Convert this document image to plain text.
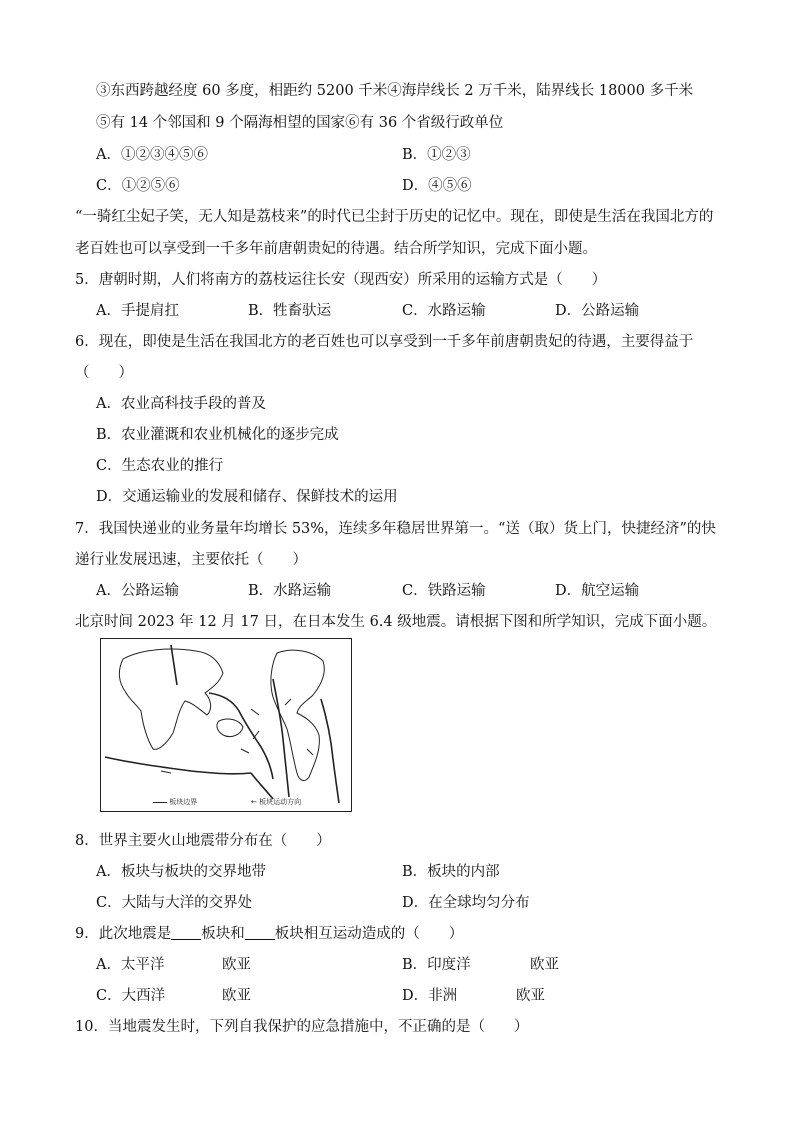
③东西跨越经度 60 多度，相距约 5200 千米④海岸线长 2 万千米，陆界线长 18000 多千米
⑤有 14 个邻国和 9 个隔海相望的国家⑥有 36 个省级行政单位
A．①②③④⑤⑥	B．①②③
C．①②⑤⑥	D．④⑤⑥
“一骑红尘妃子笑，无人知是荔枝来”的时代已尘封于历史的记忆中。现在，即使是生活在我国北方的
老百姓也可以享受到一千多年前唐朝贵妃的待遇。结合所学知识，完成下面小题。
5．唐朝时期，人们将南方的荔枝运往长安（现西安）所采用的运输方式是（　　）
A．手提肩扛	B．牲畜驮运	C．水路运输	D．公路运输
6．现在，即使是生活在我国北方的老百姓也可以享受到一千多年前唐朝贵妃的待遇，主要得益于
（　　）
A．农业高科技手段的普及
B．农业灌溉和农业机械化的逐步完成
C．生态农业的推行
D．交通运输业的发展和储存、保鲜技术的运用
7．我国快递业的业务量年均增长 53%，连续多年稳居世界第一。“送（取）货上门，快捷经济”的快
递行业发展迅速，主要依托（　　）
A．公路运输	B．水路运输	C．铁路运输	D．航空运输
北京时间 2023 年 12 月 17 日，在日本发生 6.4 级地震。请根据下图和所学知识，完成下面小题。
板块边界	← 板块运动方向
8．世界主要火山地震带分布在（　　）
A．板块与板块的交界地带	B．板块的内部
C．大陆与大洋的交界处	D．在全球均匀分布
9．此次地震是 板块和 板块相互运动造成的（　　）
A．太平洋	欧亚	B．印度洋	欧亚
C．大西洋	欧亚	D．非洲	欧亚
10．当地震发生时，下列自我保护的应急措施中，不正确的是（　　）
